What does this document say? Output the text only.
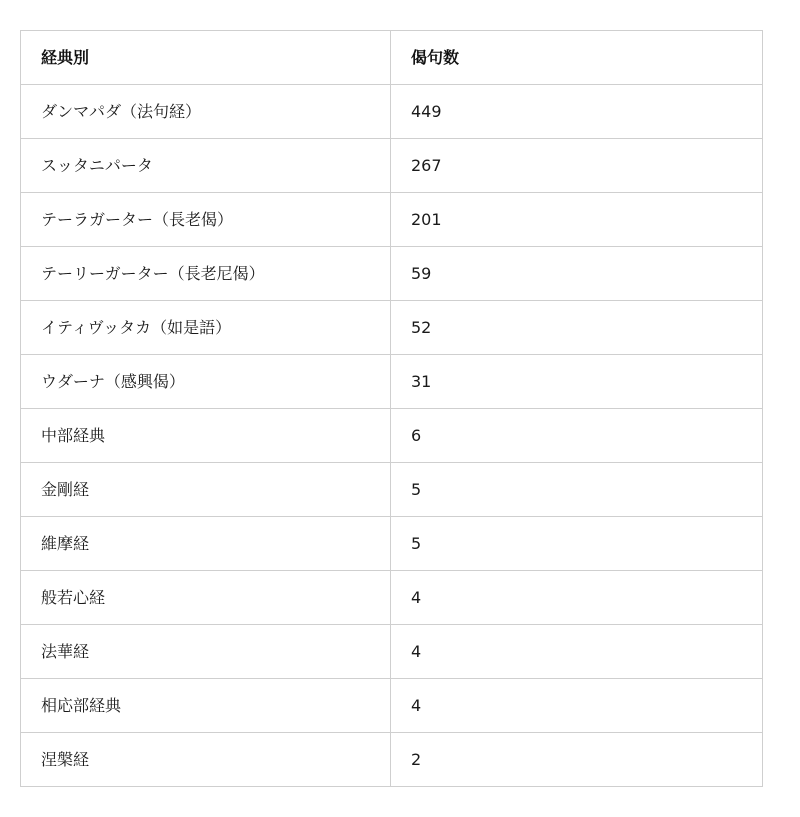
経典別	偈句数
ダンマパダ（法句経）	449
スッタニパータ	267
テーラガーター（長老偈）	201
テーリーガーター（長老尼偈）	59
イティヴッタカ（如是語）	52
ウダーナ（感興偈）	31
中部経典	6
金剛経	5
維摩経	5
般若心経	4
法華経	4
相応部経典	4
涅槃経	2
